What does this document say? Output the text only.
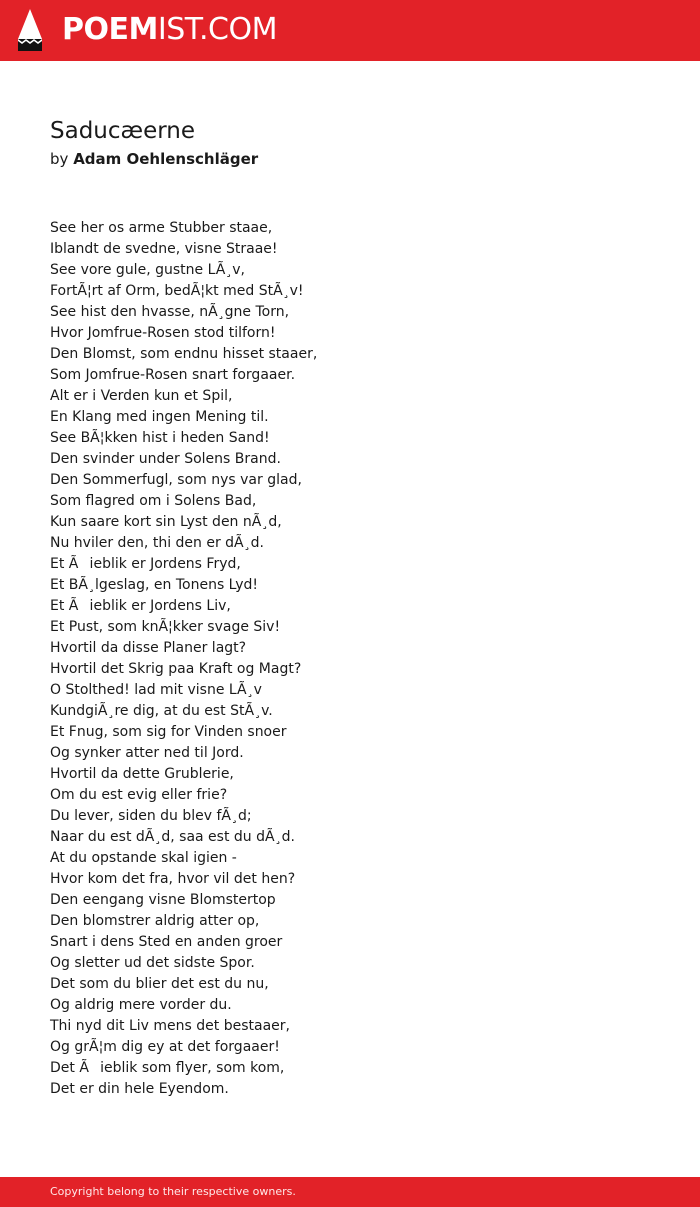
POEMIST.COM
Saducæerne
by Adam Oehlenschläger
See her os arme Stubber staae,
Iblandt de svedne, visne Straae!
See vore gule, gustne LÃ¸v,
FortÃ¦rt af Orm, bedÃ¦kt med StÃ¸v!
See hist den hvasse, nÃ¸gne Torn,
Hvor Jomfrue-Rosen stod tilforn!
Den Blomst, som endnu hisset staaer,
Som Jomfrue-Rosen snart forgaaer.
Alt er i Verden kun et Spil,
En Klang med ingen Mening til.
See BÃ¦kken hist i heden Sand!
Den svinder under Solens Brand.
Den Sommerfugl, som nys var glad,
Som flagred om i Solens Bad,
Kun saare kort sin Lyst den nÃ¸d,
Nu hviler den, thi den er dÃ¸d.
Et Ãieblik er Jordens Fryd,
Et BÃ¸lgeslag, en Tonens Lyd!
Et Ãieblik er Jordens Liv,
Et Pust, som knÃ¦kker svage Siv!
Hvortil da disse Planer lagt?
Hvortil det Skrig paa Kraft og Magt?
O Stolthed! lad mit visne LÃ¸v
KundgiÃ¸re dig, at du est StÃ¸v.
Et Fnug, som sig for Vinden snoer
Og synker atter ned til Jord.
Hvortil da dette Grublerie,
Om du est evig eller frie?
Du lever, siden du blev fÃ¸d;
Naar du est dÃ¸d, saa est du dÃ¸d.
At du opstande skal igien -
Hvor kom det fra, hvor vil det hen?
Den eengang visne Blomstertop
Den blomstrer aldrig atter op,
Snart i dens Sted en anden groer
Og sletter ud det sidste Spor.
Det som du blier det est du nu,
Og aldrig mere vorder du.
Thi nyd dit Liv mens det bestaaer,
Og grÃ¦m dig ey at det forgaaer!
Det Ãieblik som flyer, som kom,
Det er din hele Eyendom.
Copyright belong to their respective owners.
